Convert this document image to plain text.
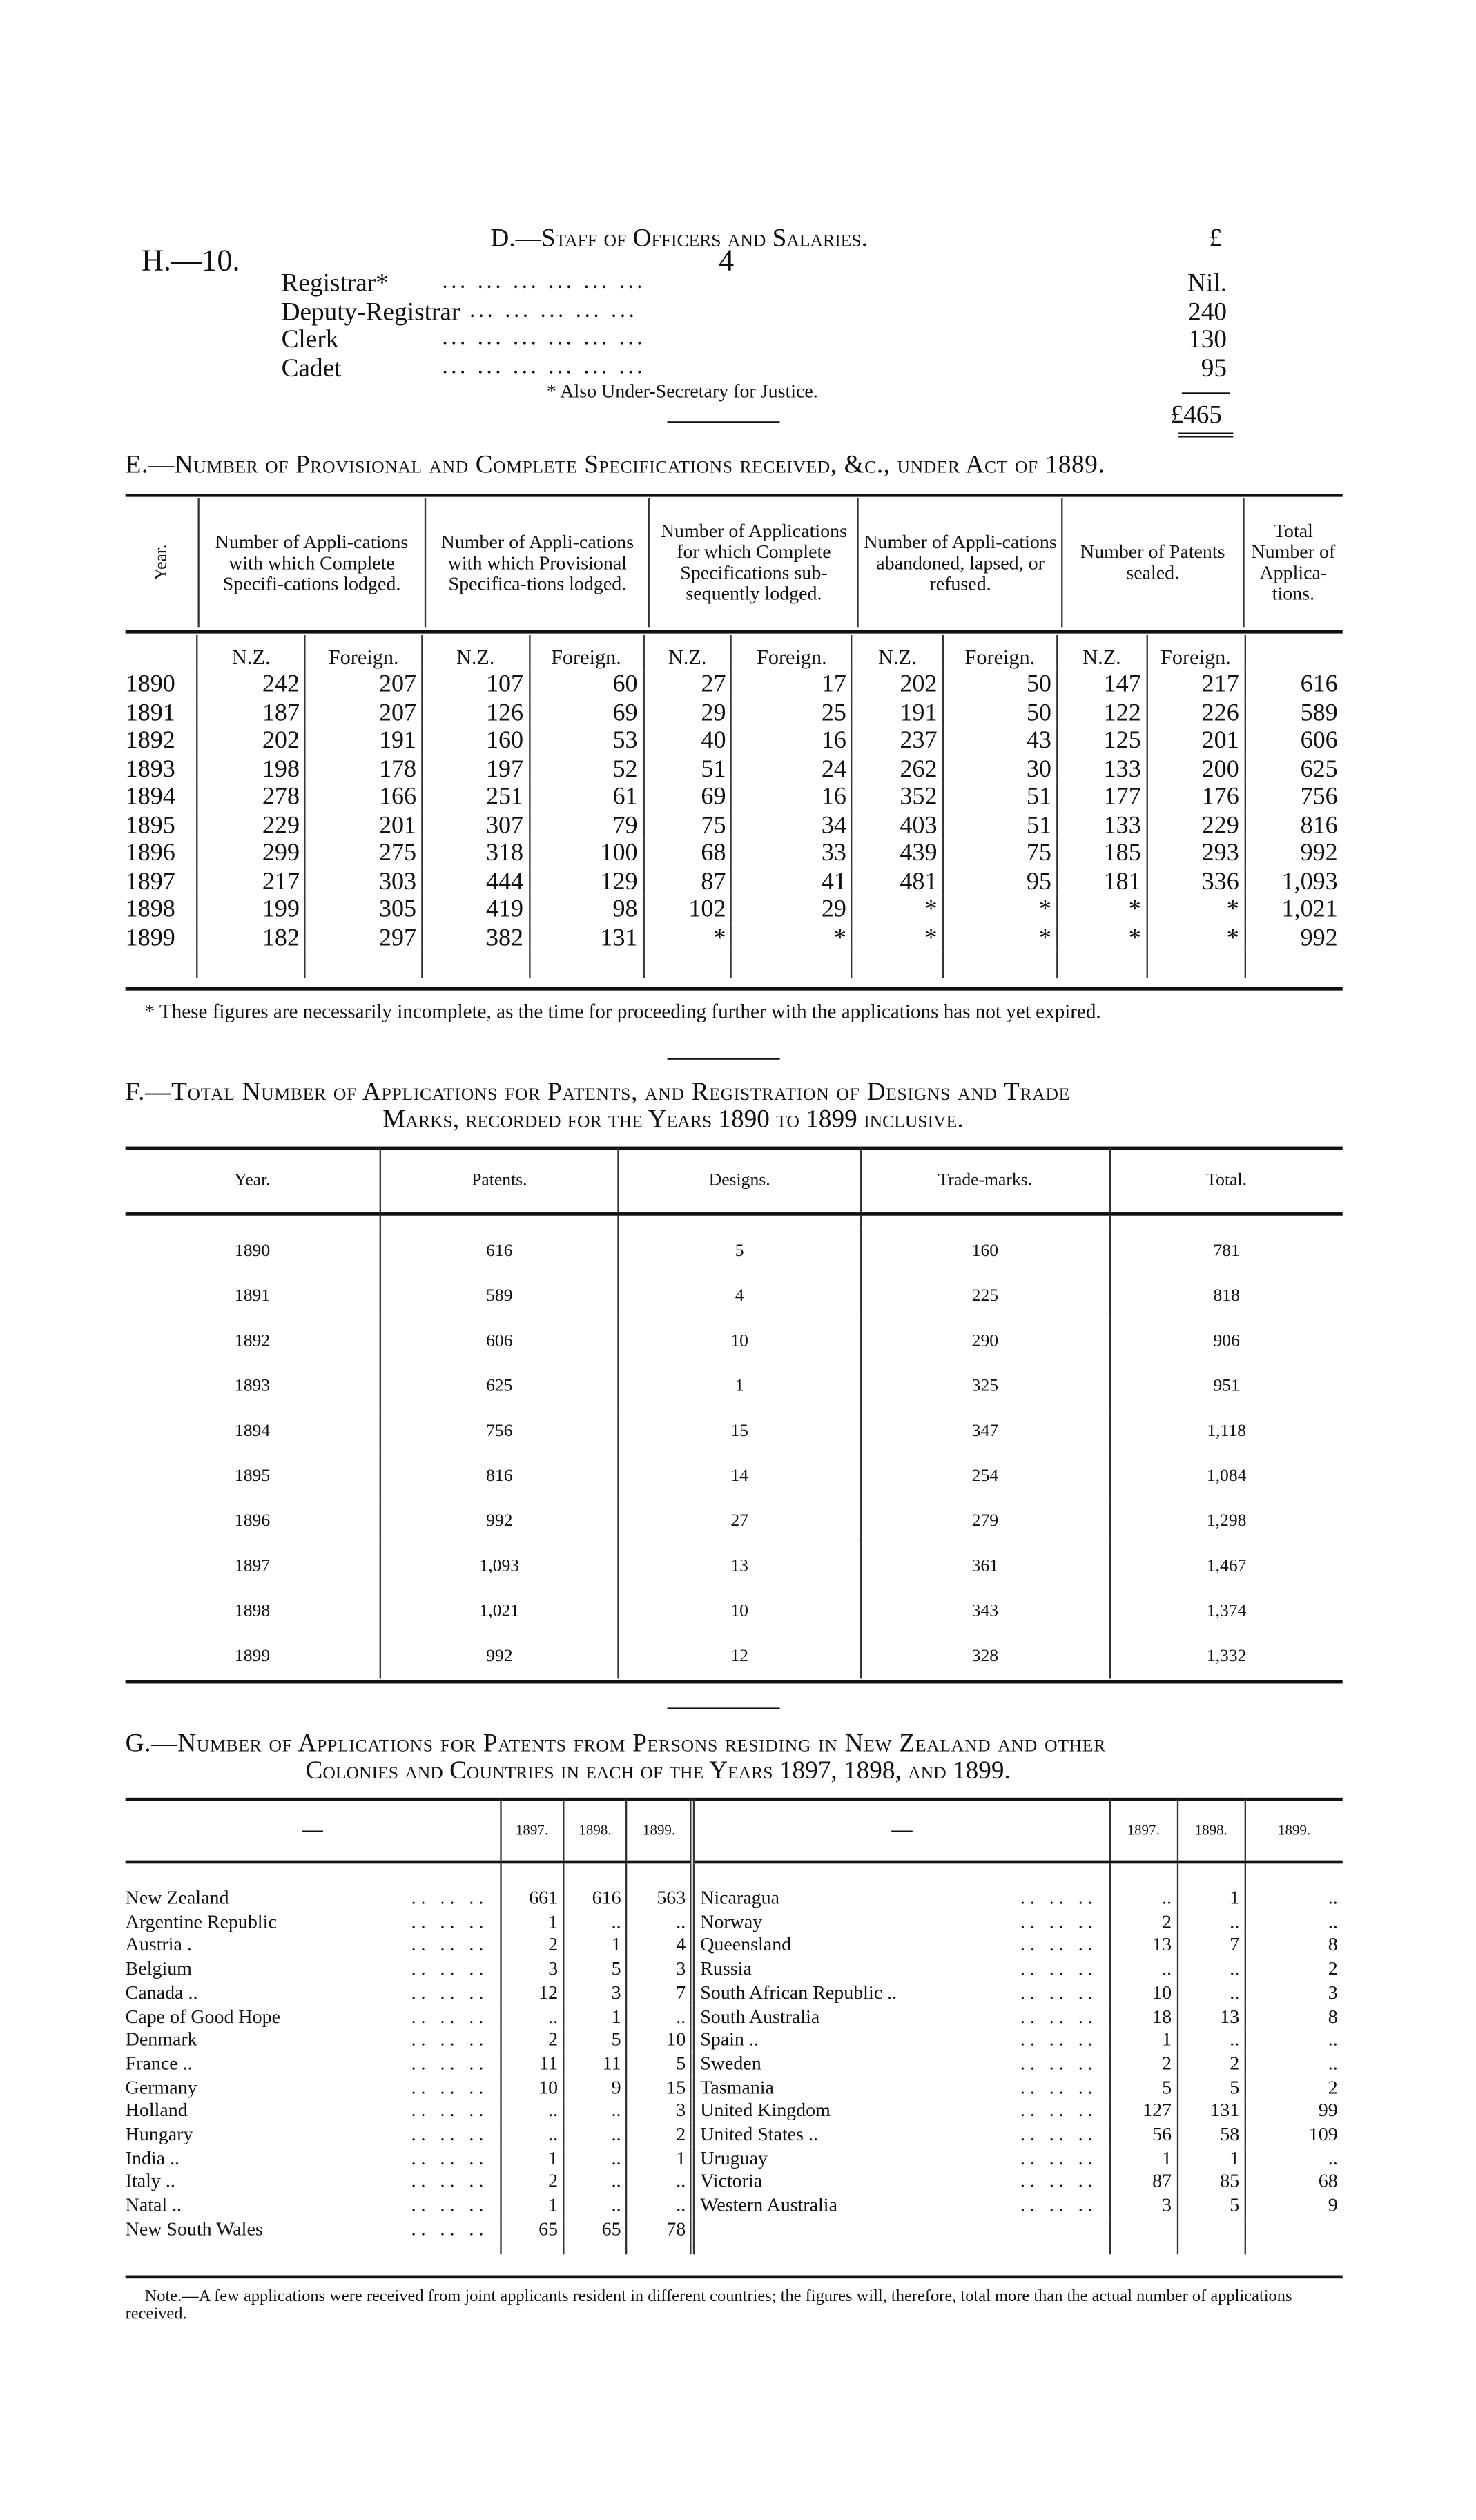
H.—10.	4
D.—Staff of Officers and Salaries.	£
Registrar*	... ... ... ... ... ...	Nil.
Deputy-Registrar ... ... ... ... ...	240
Clerk	... ... ... ... ... ...	130
Cadet	... ... ... ... ... ...	95
* Also Under-Secretary for Justice.
£465
E.—Number of Provisional and Complete Specifications received, &c., under Act of 1889.
Year.	Number of Appli-cations with which Complete Specifi-cations lodged.	Number of Appli-cations with which Provisional Specifica-tions lodged.	Number of Applications for which Complete Specifications sub-sequently lodged.	Number of Appli-cations abandoned, lapsed, or refused.	Number of Patents sealed.	Total Number of Applica-tions.
	N.Z.	Foreign.	N.Z.	Foreign.	N.Z.	Foreign.	N.Z.	Foreign.	N.Z.	Foreign.	
1890	242	207	107	60	27	17	202	50	147	217	616
1891	187	207	126	69	29	25	191	50	122	226	589
1892	202	191	160	53	40	16	237	43	125	201	606
1893	198	178	197	52	51	24	262	30	133	200	625
1894	278	166	251	61	69	16	352	51	177	176	756
1895	229	201	307	79	75	34	403	51	133	229	816
1896	299	275	318	100	68	33	439	75	185	293	992
1897	217	303	444	129	87	41	481	95	181	336	1,093
1898	199	305	419	98	102	29	*	*	*	*	1,021
1899	182	297	382	131	*	*	*	*	*	*	992

* These figures are necessarily incomplete, as the time for proceeding further with the applications has not yet expired.
F.—Total Number of Applications for Patents, and Registration of Designs and Trade
Marks, recorded for the Years 1890 to 1899 inclusive.
Year.	Patents.	Designs.	Trade-marks.	Total.

1890	616	5	160	781
1891	589	4	225	818
1892	606	10	290	906
1893	625	1	325	951
1894	756	15	347	1,118
1895	816	14	254	1,084
1896	992	27	279	1,298
1897	1,093	13	361	1,467
1898	1,021	10	343	1,374
1899	992	12	328	1,332
G.—Number of Applications for Patents from Persons residing in New Zealand and other
Colonies and Countries in each of the Years 1897, 1898, and 1899.
—	1897.	1898.	1899.	—	1897.	1898.	1899.

New Zealand .. .. ..	661	616	563	Nicaragua .. .. ..	..	1	..
Argentine Republic .. .. ..	1	..	..	Norway .. .. ..	2	..	..
Austria . .. .. ..	2	1	4	Queensland .. .. ..	13	7	8
Belgium .. .. ..	3	5	3	Russia .. .. ..	..	..	2
Canada .. .. .. ..	12	3	7	South African Republic .. .. .. ..	10	..	3
Cape of Good Hope .. .. ..	..	1	..	South Australia .. .. ..	18	13	8
Denmark .. .. ..	2	5	10	Spain .. .. .. ..	1	..	..
France .. .. .. ..	11	11	5	Sweden .. .. ..	2	2	..
Germany .. .. ..	10	9	15	Tasmania .. .. ..	5	5	2
Holland .. .. ..	..	..	3	United Kingdom .. .. ..	127	131	99
Hungary .. .. ..	..	..	2	United States .. .. .. ..	56	58	109
India .. .. .. ..	1	..	1	Uruguay .. .. ..	1	1	..
Italy .. .. .. ..	2	..	..	Victoria .. .. ..	87	85	68
Natal .. .. .. ..	1	..	..	Western Australia .. .. ..	3	5	9
New South Wales .. .. ..	65	65	78				

Note.—A few applications were received from joint applicants resident in different countries; the figures will, therefore, total more than the actual number of applications received.
